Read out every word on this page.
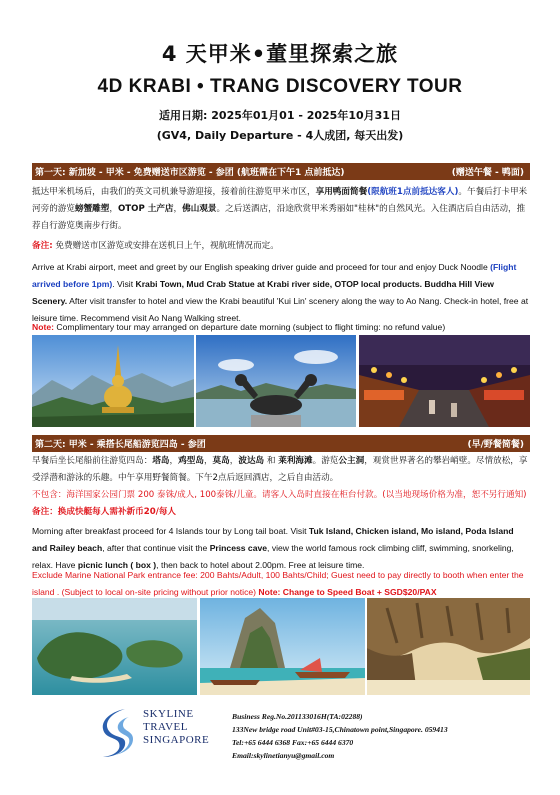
4 天甲米•董里探索之旅
4D KRABI • TRANG DISCOVERY TOUR
适用日期: 2025年01月01 - 2025年10月31日
(GV4, Daily Departure - 4人成团, 每天出发)
第一天: 新加坡 - 甲米 - 免费赠送市区游览 - 参团 (航班需在下午1 点前抵达)	(赠送午餐 - 鸭面)
抵达甲米机场后，由我们的英文司机兼导游迎接，接着前往游览甲米市区，享用鸭面简餐(限航班1点前抵达客人)。午餐后打卡甲米河旁的游览螃蟹雕塑，OTOP 土产店，佛山观景。之后送酒店，沿途欣赏甲米秀丽如"桂林"的自然风光。入住酒店后自由活动，推荐自行游览奥南步行街。
备注: 免费赠送市区游览或安排在送机日上午，视航班情况而定。
Arrive at Krabi airport, meet and greet by our English speaking driver guide and proceed for tour and enjoy Duck Noodle (Flight arrived before 1pm). Visit Krabi Town, Mud Crab Statue at Krabi river side, OTOP local products. Buddha Hill View Scenery. After visit transfer to hotel and view the Krabi beautiful 'Kui Lin' scenery along the way to Ao Nang. Check-in hotel, free at leisure time. Recommend visit Ao Nang Walking street.
Note: Complimentary tour may arranged on departure date morning (subject to flight timing: no refund value)
第二天: 甲米 - 乘搭长尾船游览四岛 - 参团	(早/野餐简餐)
早餐后坐长尾船前往游览四岛：塔岛，鸡型岛，莫岛，波达岛 和 莱利海滩。游览公主洞，观赏世界著名的攀岩峭壁。尽情放松，享受浮潜和游泳的乐趣。中午享用野餐简餐。下午2点后返回酒店，之后自由活动。
不包含：海洋国家公园门票 200 泰铢/成人, 100泰铢/儿童。请客人入岛时直接在柜台付款。(以当地现场价格为准，恕不另行通知)
备注：换成快艇每人需补新币20/每人
Morning after breakfast proceed for 4 Islands tour by Long tail boat. Visit Tuk Island, Chicken island, Mo island, Poda Island and Railey beach, after that continue visit the Princess cave, view the world famous rock climbing cliff, swimming, snorkeling, relax. Have picnic lunch ( box ), then back to hotel about 2.00pm. Free at leisure time.
Exclude Marine National Park entrance fee: 200 Bahts/Adult, 100 Bahts/Child; Guest need to pay directly to booth when enter the island . (Subject to local on-site pricing without prior notice) Note: Change to Speed Boat + SGD$20/PAX
SKYLINE
TRAVEL
SINGAPORE
Business Reg.No.201133016H(TA:02288)
133New bridge road Unit#03-15,Chinatown point,Singapore. 059413
Tel:+65 6444 6368 Fax:+65 6444 6370
Email:skylinetianyu@gmail.com
